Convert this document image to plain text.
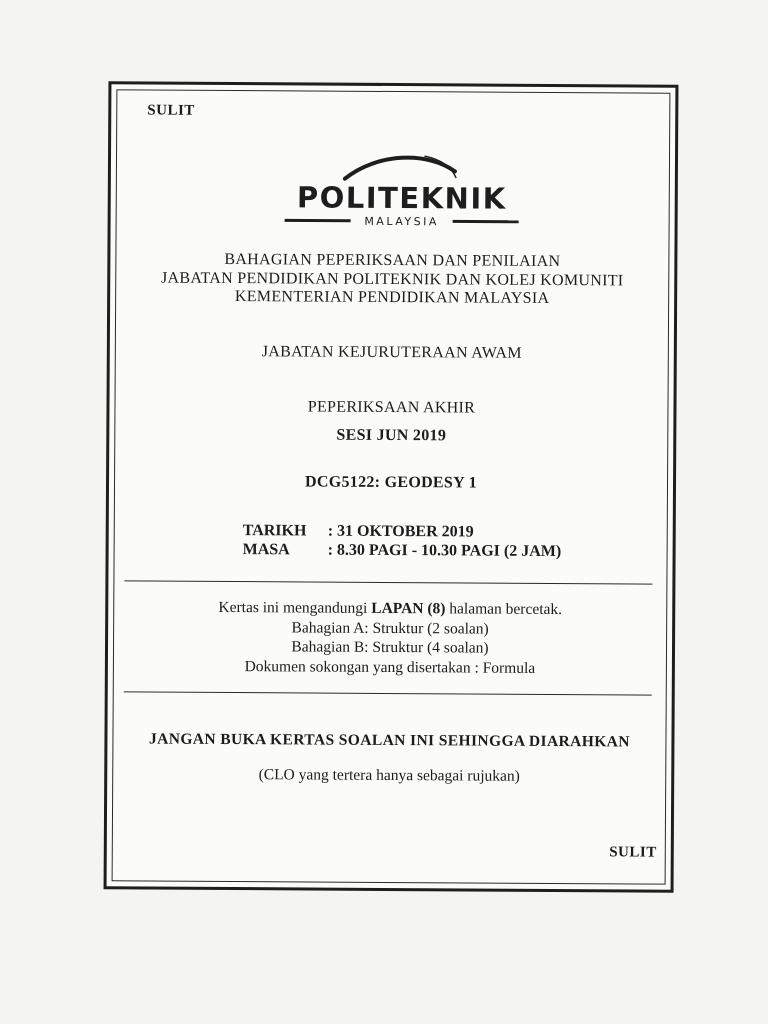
SULIT
POLITEKNIK
MALAYSIA
BAHAGIAN PEPERIKSAAN DAN PENILAIAN
JABATAN PENDIDIKAN POLITEKNIK DAN KOLEJ KOMUNITI
KEMENTERIAN PENDIDIKAN MALAYSIA
JABATAN KEJURUTERAAN AWAM
PEPERIKSAAN AKHIR
SESI JUN 2019
DCG5122: GEODESY 1
TARIKH	: 31 OKTOBER 2019
MASA	: 8.30 PAGI - 10.30 PAGI (2 JAM)
Kertas ini mengandungi LAPAN (8) halaman bercetak.
Bahagian A: Struktur (2 soalan)
Bahagian B: Struktur (4 soalan)
Dokumen sokongan yang disertakan : Formula
JANGAN BUKA KERTAS SOALAN INI SEHINGGA DIARAHKAN
(CLO yang tertera hanya sebagai rujukan)
SULIT
